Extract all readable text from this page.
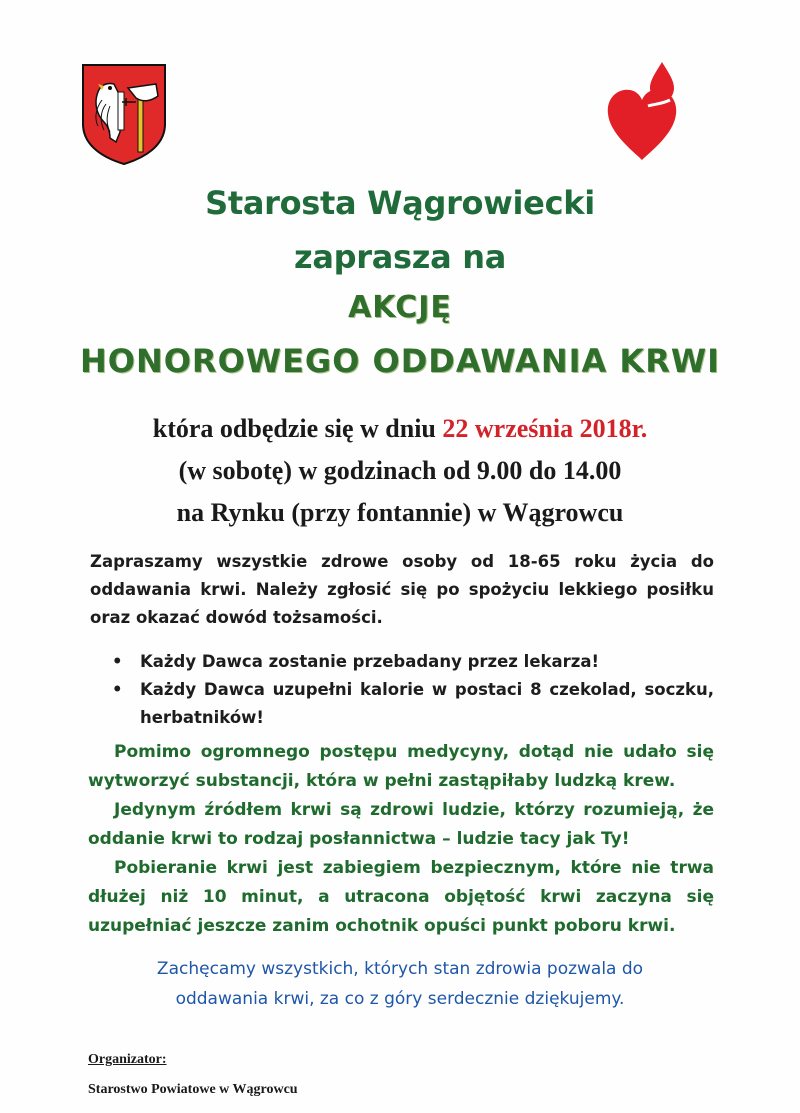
Starosta Wągrowiecki
zaprasza na
AKCJĘ
HONOROWEGO ODDAWANIA KRWI
która odbędzie się w dniu 22 września 2018r.
(w sobotę) w godzinach od 9.00 do 14.00
na Rynku (przy fontannie) w Wągrowcu
Zapraszamy wszystkie zdrowe osoby od 18-65 roku życia do oddawania krwi. Należy zgłosić się po spożyciu lekkiego posiłku oraz okazać dowód tożsamości.
• Każdy Dawca zostanie przebadany przez lekarza!
• Każdy Dawca uzupełni kalorie w postaci 8 czekolad, soczku, herbatników!
Pomimo ogromnego postępu medycyny, dotąd nie udało się wytworzyć substancji, która w pełni zastąpiłaby ludzką krew.
Jedynym źródłem krwi są zdrowi ludzie, którzy rozumieją, że oddanie krwi to rodzaj posłannictwa – ludzie tacy jak Ty!
Pobieranie krwi jest zabiegiem bezpiecznym, które nie trwa dłużej niż 10 minut, a utracona objętość krwi zaczyna się uzupełniać jeszcze zanim ochotnik opuści punkt poboru krwi.
Zachęcamy wszystkich, których stan zdrowia pozwala do oddawania krwi, za co z góry serdecznie dziękujemy.
Organizator:
Starostwo Powiatowe w Wągrowcu
